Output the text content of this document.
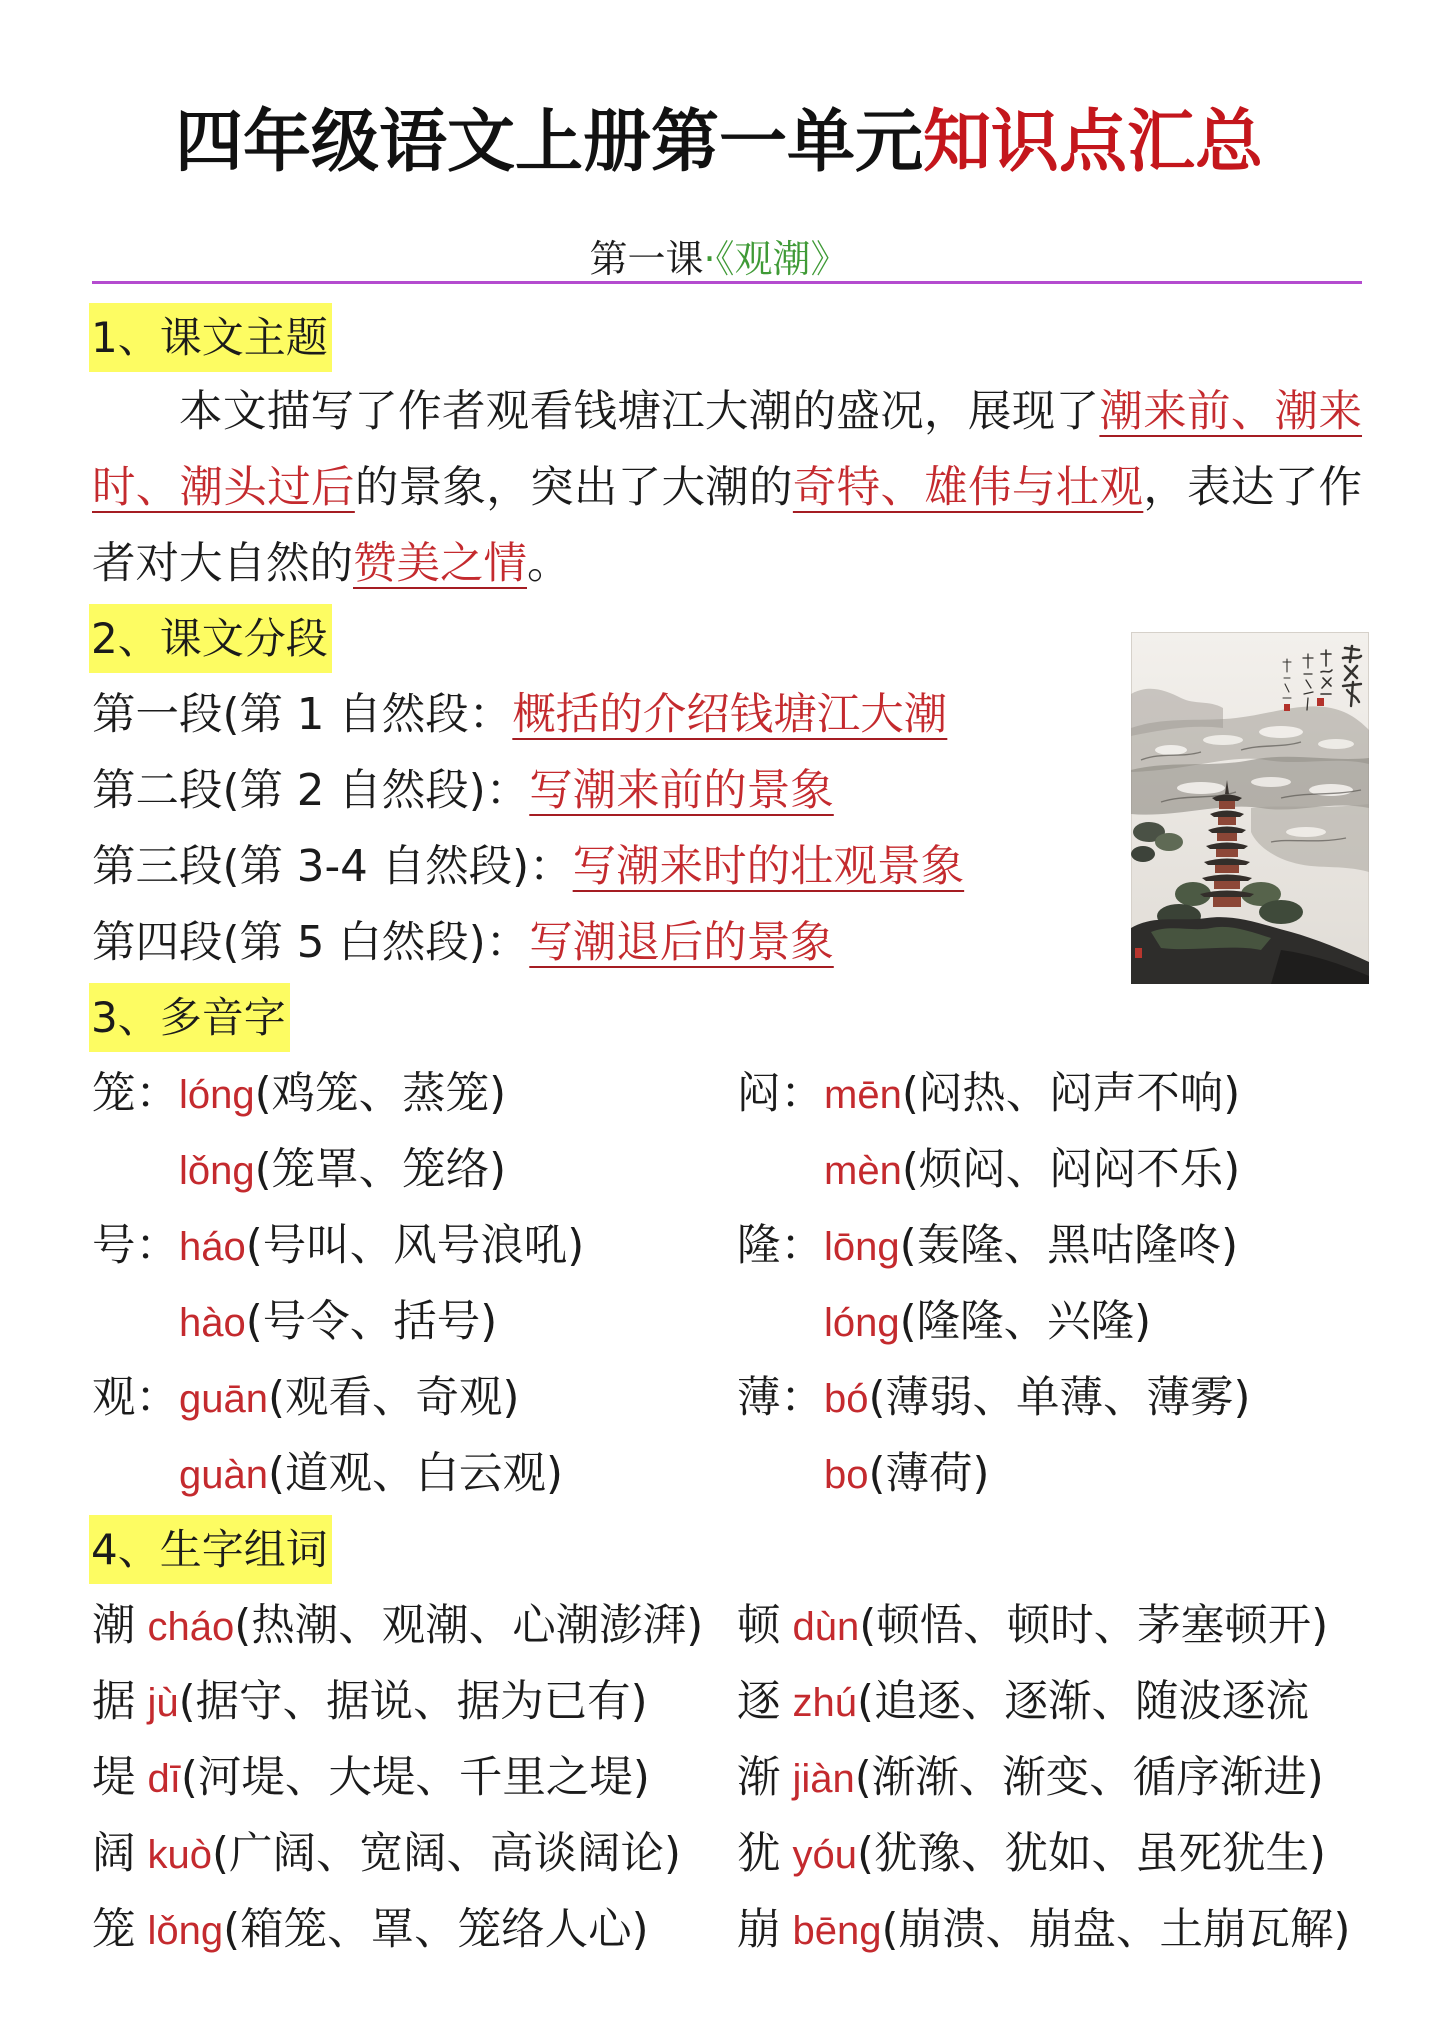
四年级语文上册第一单元知识点汇总
第一课·《观潮》
1、课文主题
本文描写了作者观看钱塘江大潮的盛况，展现了潮来前、潮来时、潮头过后的景象，突出了大潮的奇特、雄伟与壮观，表达了作者对大自然的赞美之情。
2、课文分段
第一段(第 1 自然段：概括的介绍钱塘江大潮
第二段(第 2 自然段)：写潮来前的景象
第三段(第 3-4 自然段)：写潮来时的壮观景象
第四段(第 5 白然段)：写潮退后的景象
3、多音字
笼：lóng(鸡笼、蒸笼)
lǒng(笼罩、笼络)
号：háo(号叫、风号浪吼)
hào(号令、括号)
观：guān(观看、奇观)
guàn(道观、白云观)
闷：mēn(闷热、闷声不响)
mèn(烦闷、闷闷不乐)
隆：lōng(轰隆、黑咕隆咚)
lóng(隆隆、兴隆)
薄：bó(薄弱、单薄、薄雾)
bo(薄荷)
4、生字组词
潮 cháo(热潮、观潮、心潮澎湃)
据 jù(据守、据说、据为已有)
堤 dī(河堤、大堤、千里之堤)
阔 kuò(广阔、宽阔、高谈阔论)
笼 lǒng(箱笼、罩、笼络人心)
顿 dùn(顿悟、顿时、茅塞顿开)
逐 zhú(追逐、逐渐、随波逐流
渐 jiàn(渐渐、渐变、循序渐进)
犹 yóu(犹豫、犹如、虽死犹生)
崩 bēng(崩溃、崩盘、土崩瓦解)
